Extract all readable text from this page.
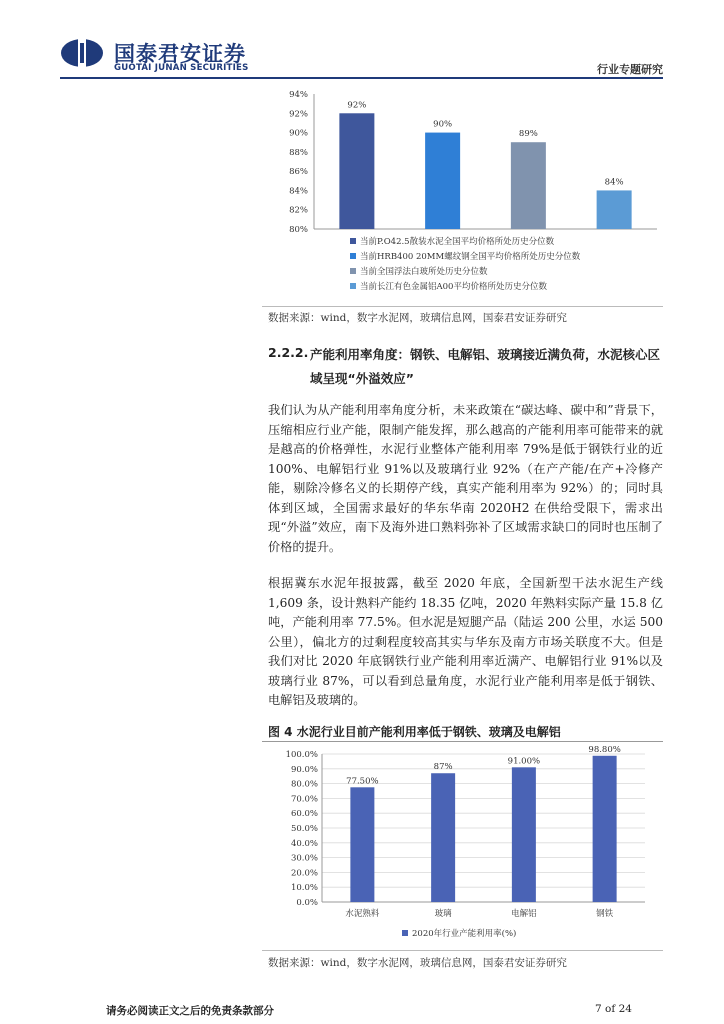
国泰君安证券
GUOTAI JUNAN SECURITIES	行业专题研究
80%
82%
84%
86%
88%
90%
92%
94%
92%
90%
89%
84%
当前P.O42.5散装水泥全国平均价格所处历史分位数
当前HRB400 20MM螺纹钢全国平均价格所处历史分位数
当前全国浮法白玻所处历史分位数
当前长江有色金属铝A00平均价格所处历史分位数
数据来源：wind，数字水泥网，玻璃信息网，国泰君安证券研究
2.2.2. 产能利用率角度：钢铁、电解铝、玻璃接近满负荷，水泥核心区域呈现“外溢效应”
我们认为从产能利用率角度分析，未来政策在“碳达峰、碳中和”背景下，压缩相应行业产能，限制产能发挥，那么越高的产能利用率可能带来的就是越高的价格弹性，水泥行业整体产能利用率 79%是低于钢铁行业的近 100%、电解铝行业 91%以及玻璃行业 92%（在产产能/在产+冷修产能，剔除冷修名义的长期停产线，真实产能利用率为 92%）的；同时具体到区域，全国需求最好的华东华南 2020H2 在供给受限下，需求出现“外溢”效应，南下及海外进口熟料弥补了区域需求缺口的同时也压制了价格的提升。
根据冀东水泥年报披露，截至 2020 年底，全国新型干法水泥生产线 1,609 条，设计熟料产能约 18.35 亿吨，2020 年熟料实际产量 15.8 亿吨，产能利用率 77.5%。但水泥是短腿产品（陆运 200 公里，水运 500 公里），偏北方的过剩程度较高其实与华东及南方市场关联度不大。但是我们对比 2020 年底钢铁行业产能利用率近满产、电解铝行业 91%以及玻璃行业 87%，可以看到总量角度，水泥行业产能利用率是低于钢铁、电解铝及玻璃的。
图 4 水泥行业目前产能利用率低于钢铁、玻璃及电解铝
0.0%
10.0%
20.0%
30.0%
40.0%
50.0%
60.0%
70.0%
80.0%
90.0%
100.0%
77.50%
水泥熟料
87%
玻璃
91.00%
电解铝
98.80%
钢铁
2020年行业产能利用率(%)
数据来源：wind，数字水泥网，玻璃信息网，国泰君安证券研究
请务必阅读正文之后的免责条款部分	7 of 24
